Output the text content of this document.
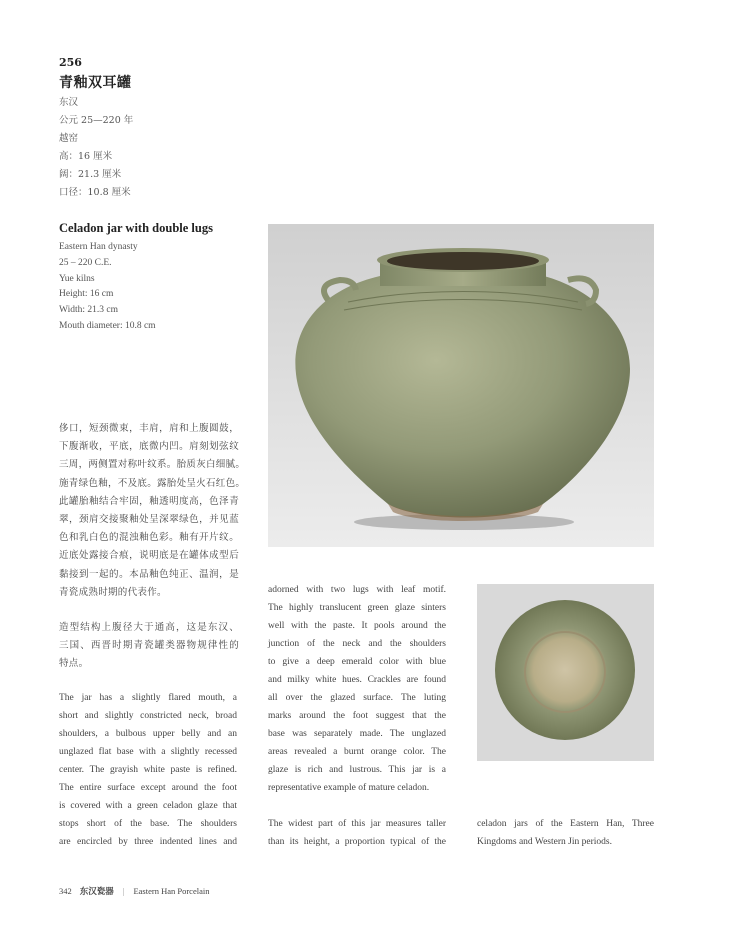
256
青釉双耳罐
东汉
公元 25—220 年
越窑
高：16 厘米
阔：21.3 厘米
口径：10.8 厘米
Celadon jar with double lugs
Eastern Han dynasty
25 – 220 C.E.
Yue kilns
Height: 16 cm
Width: 21.3 cm
Mouth diameter: 10.8 cm
侈口，短颈微束，丰肩，肩和上腹圆鼓，
下腹渐收，平底，底微内凹。肩刻划弦纹
三周，两侧置对称叶纹系。胎质灰白细腻。
施青绿色釉，不及底。露胎处呈火石红色。
此罐胎釉结合牢固，釉透明度高，色泽青
翠，颈肩交接聚釉处呈深翠绿色，并见蓝
色和乳白色的混浊釉色彩。釉有开片纹。
近底处露接合痕，说明底是在罐体成型后
黏接到一起的。本品釉色纯正、温润，是
青瓷成熟时期的代表作。
造型结构上腹径大于通高，这是东汉、
三国、西晋时期青瓷罐类器物规律性的
特点。
The jar has a slightly flared mouth, a
short and slightly constricted neck, broad
shoulders, a bulbous upper belly and an
unglazed flat base with a slightly recessed
center. The grayish white paste is refined.
The entire surface except around the foot
is covered with a green celadon glaze that
stops short of the base. The shoulders
are encircled by three indented lines and
adorned with two lugs with leaf motif.
The highly translucent green glaze sinters
well with the paste. It pools around the
junction of the neck and the shoulders
to give a deep emerald color with blue
and milky white hues. Crackles are found
all over the glazed surface. The luting
marks around the foot suggest that the
base was separately made. The unglazed
areas revealed a burnt orange color. The
glaze is rich and lustrous. This jar is a
representative example of mature celadon.
The widest part of this jar measures taller
than its height, a proportion typical of the
celadon jars of the Eastern Han, Three
Kingdoms and Western Jin periods.
342 东汉瓷器 | Eastern Han Porcelain
